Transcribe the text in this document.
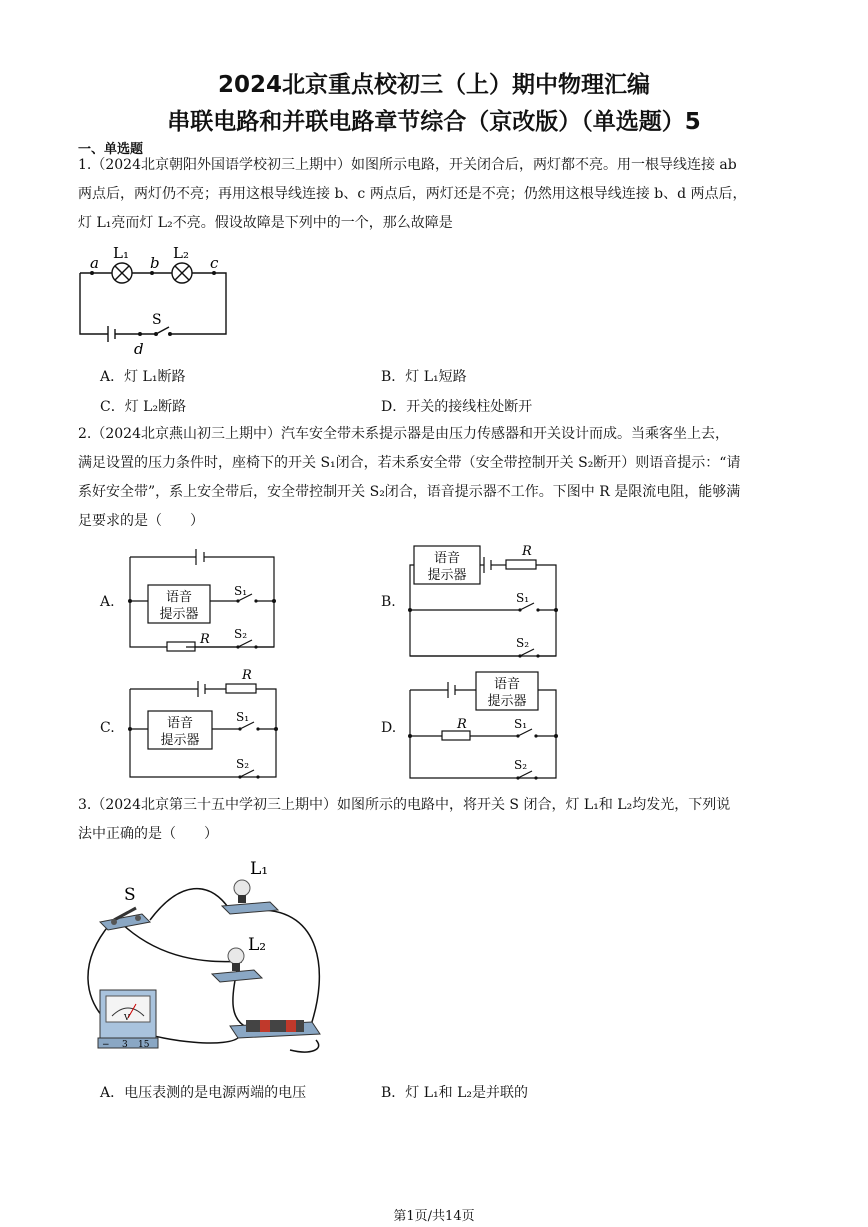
2024北京重点校初三（上）期中物理汇编
串联电路和并联电路章节综合（京改版）（单选题）5
一、单选题
1.（2024北京朝阳外国语学校初三上期中）如图所示电路，开关闭合后，两灯都不亮。用一根导线连接 ab
两点后，两灯仍不亮；再用这根导线连接 b、c 两点后，两灯还是不亮；仍然用这根导线连接 b、d 两点后，
灯 L₁亮而灯 L₂不亮。假设故障是下列中的一个，那么故障是
a	b	c
d
L₁	L₂
S
A．灯 L₁断路	B．灯 L₁短路
C．灯 L₂断路	D．开关的接线柱处断开
2.（2024北京燕山初三上期中）汽车安全带未系提示器是由压力传感器和开关设计而成。当乘客坐上去，
满足设置的压力条件时，座椅下的开关 S₁闭合，若未系安全带（安全带控制开关 S₂断开）则语音提示：“请
系好安全带”，系上安全带后，安全带控制开关 S₂闭合，语音提示器不工作。下图中 R 是限流电阻，能够满
足要求的是（　　）
A.	语音
提示器
S₁
S₂
R
B.
语音
提示器
R
S₁
S₂
C.	语音
提示器
R
S₁
S₂
D.
语音
提示器
R	S₁
S₂
3.（2024北京第三十五中学初三上期中）如图所示的电路中，将开关 S 闭合，灯 L₁和 L₂均发光，下列说
法中正确的是（　　）
S
L₁
L₂
− 3 15
V
A．电压表测的是电源两端的电压	B．灯 L₁和 L₂是并联的
第1页/共14页
